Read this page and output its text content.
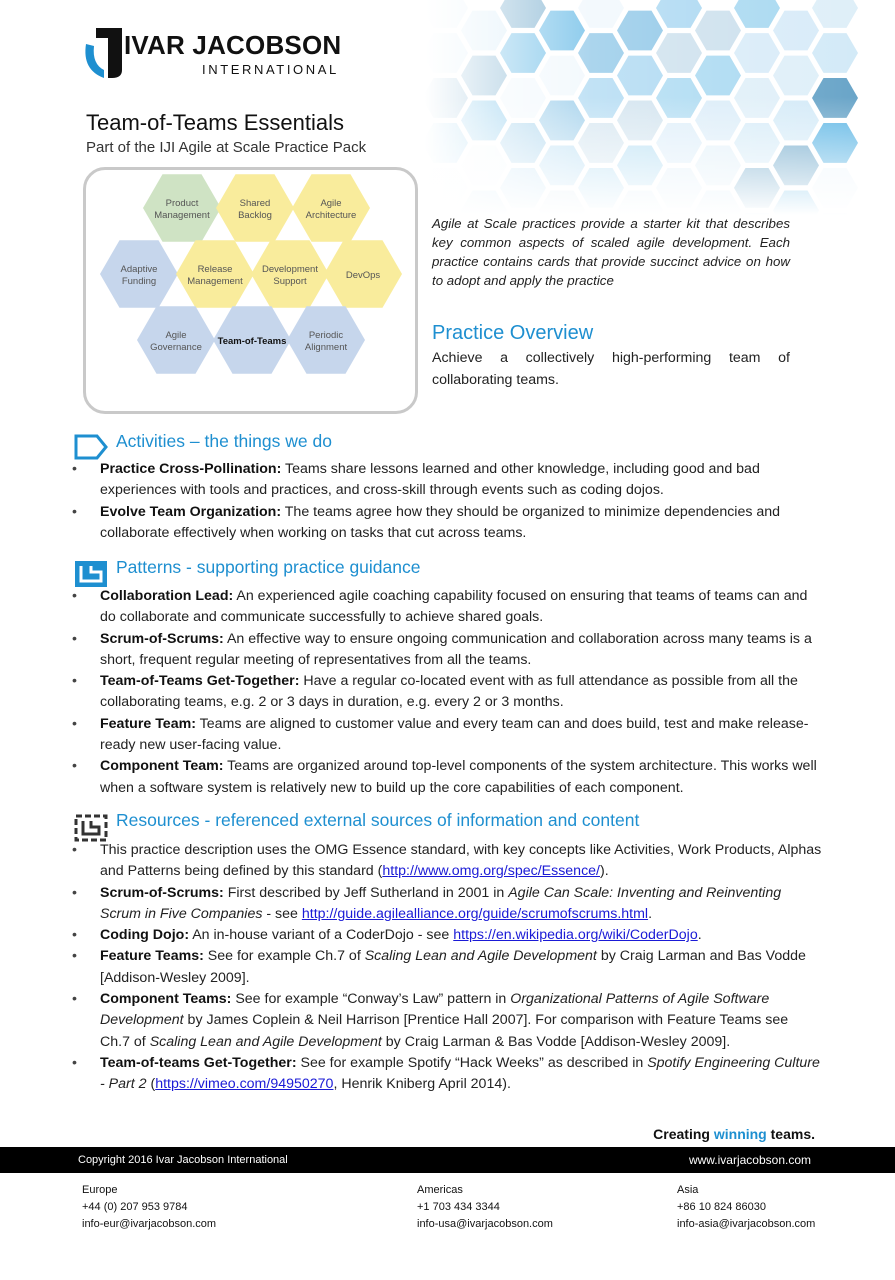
IVAR JACOBSON
INTERNATIONAL
Team-of-Teams Essentials
Part of the IJI Agile at Scale Practice Pack
Product
Management
Shared
Backlog
Agile
Architecture
Adaptive
Funding
Release
Management
Development
Support
DevOps
Agile
Governance
Team-of-Teams
Periodic
Alignment
Agile at Scale practices provide a starter kit that describes key common aspects of scaled agile development. Each practice contains cards that provide succinct advice on how to adopt and apply the practice
Practice Overview
Achieve a collectively high-performing team of collaborating teams.
Activities – the things we do
• Practice Cross-Pollination: Teams share lessons learned and other knowledge, including good and bad experiences with tools and practices, and cross-skill through events such as coding dojos.
• Evolve Team Organization: The teams agree how they should be organized to minimize dependencies and collaborate effectively when working on tasks that cut across teams.
Patterns - supporting practice guidance
• Collaboration Lead: An experienced agile coaching capability focused on ensuring that teams of teams can and do collaborate and communicate successfully to achieve shared goals.
• Scrum-of-Scrums: An effective way to ensure ongoing communication and collaboration across many teams is a short, frequent regular meeting of representatives from all the teams.
• Team-of-Teams Get-Together: Have a regular co-located event with as full attendance as possible from all the collaborating teams, e.g. 2 or 3 days in duration, e.g. every 2 or 3 months.
• Feature Team: Teams are aligned to customer value and every team can and does build, test and make release-ready new user-facing value.
• Component Team: Teams are organized around top-level components of the system architecture. This works well when a software system is relatively new to build up the core capabilities of each component.
Resources - referenced external sources of information and content
• This practice description uses the OMG Essence standard, with key concepts like Activities, Work Products, Alphas and Patterns being defined by this standard (http://www.omg.org/spec/Essence/).
• Scrum-of-Scrums: First described by Jeff Sutherland in 2001 in Agile Can Scale: Inventing and Reinventing Scrum in Five Companies - see http://guide.agilealliance.org/guide/scrumofscrums.html.
• Coding Dojo: An in-house variant of a CoderDojo - see https://en.wikipedia.org/wiki/CoderDojo.
• Feature Teams: See for example Ch.7 of Scaling Lean and Agile Development by Craig Larman and Bas Vodde [Addison-Wesley 2009].
• Component Teams: See for example “Conway’s Law” pattern in Organizational Patterns of Agile Software Development by James Coplein & Neil Harrison [Prentice Hall 2007]. For comparison with Feature Teams see Ch.7 of Scaling Lean and Agile Development by Craig Larman & Bas Vodde [Addison-Wesley 2009].
• Team-of-teams Get-Together: See for example Spotify “Hack Weeks” as described in Spotify Engineering Culture - Part 2 (https://vimeo.com/94950270, Henrik Kniberg April 2014).
Creating winning teams.
Copyright 2016 Ivar Jacobson International	www.ivarjacobson.com
Europe
+44 (0) 207 953 9784
info-eur@ivarjacobson.com
Americas
+1 703 434 3344
info-usa@ivarjacobson.com
Asia
+86 10 824 86030
info-asia@ivarjacobson.com
